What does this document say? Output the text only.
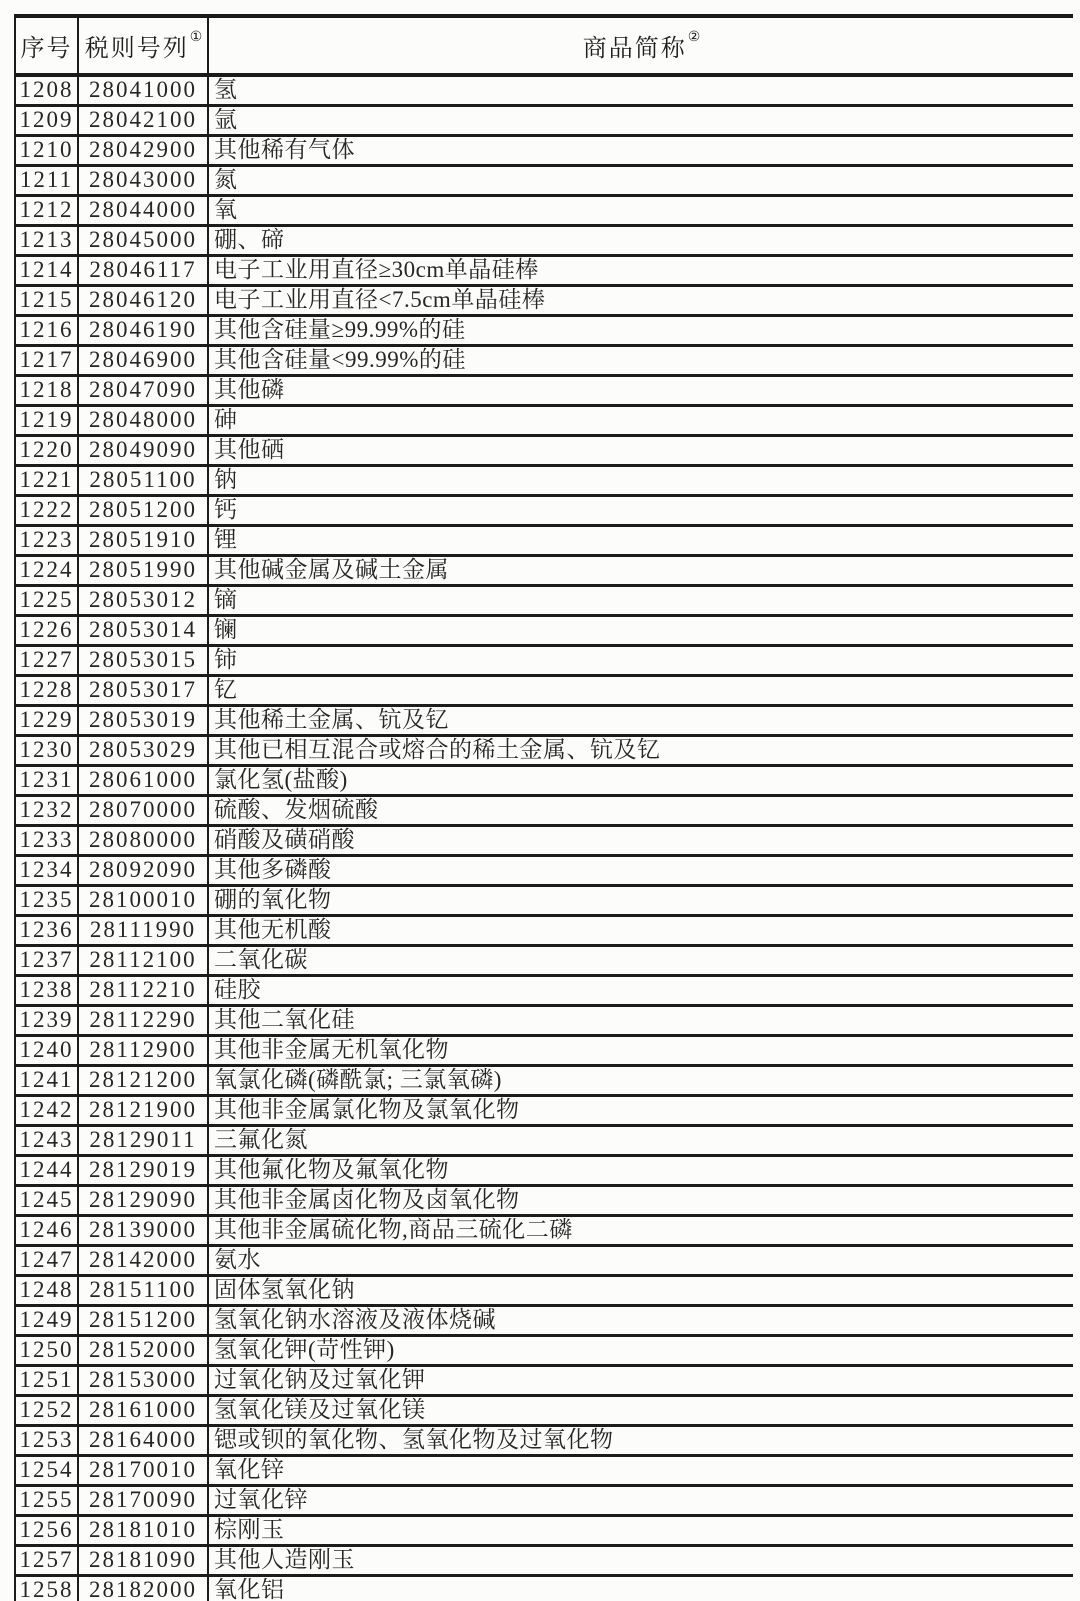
序号	税则号列①	商品简称②
1208	28041000	氢
1209	28042100	氩
1210	28042900	其他稀有气体
1211	28043000	氮
1212	28044000	氧
1213	28045000	硼、碲
1214	28046117	电子工业用直径≥30cm单晶硅棒
1215	28046120	电子工业用直径<7.5cm单晶硅棒
1216	28046190	其他含硅量≥99.99%的硅
1217	28046900	其他含硅量<99.99%的硅
1218	28047090	其他磷
1219	28048000	砷
1220	28049090	其他硒
1221	28051100	钠
1222	28051200	钙
1223	28051910	锂
1224	28051990	其他碱金属及碱土金属
1225	28053012	镝
1226	28053014	镧
1227	28053015	铈
1228	28053017	钇
1229	28053019	其他稀土金属、钪及钇
1230	28053029	其他已相互混合或熔合的稀土金属、钪及钇
1231	28061000	氯化氢(盐酸)
1232	28070000	硫酸、发烟硫酸
1233	28080000	硝酸及磺硝酸
1234	28092090	其他多磷酸
1235	28100010	硼的氧化物
1236	28111990	其他无机酸
1237	28112100	二氧化碳
1238	28112210	硅胶
1239	28112290	其他二氧化硅
1240	28112900	其他非金属无机氧化物
1241	28121200	氧氯化磷(磷酰氯; 三氯氧磷)
1242	28121900	其他非金属氯化物及氯氧化物
1243	28129011	三氟化氮
1244	28129019	其他氟化物及氟氧化物
1245	28129090	其他非金属卤化物及卤氧化物
1246	28139000	其他非金属硫化物,商品三硫化二磷
1247	28142000	氨水
1248	28151100	固体氢氧化钠
1249	28151200	氢氧化钠水溶液及液体烧碱
1250	28152000	氢氧化钾(苛性钾)
1251	28153000	过氧化钠及过氧化钾
1252	28161000	氢氧化镁及过氧化镁
1253	28164000	锶或钡的氧化物、氢氧化物及过氧化物
1254	28170010	氧化锌
1255	28170090	过氧化锌
1256	28181010	棕刚玉
1257	28181090	其他人造刚玉
1258	28182000	氧化铝
